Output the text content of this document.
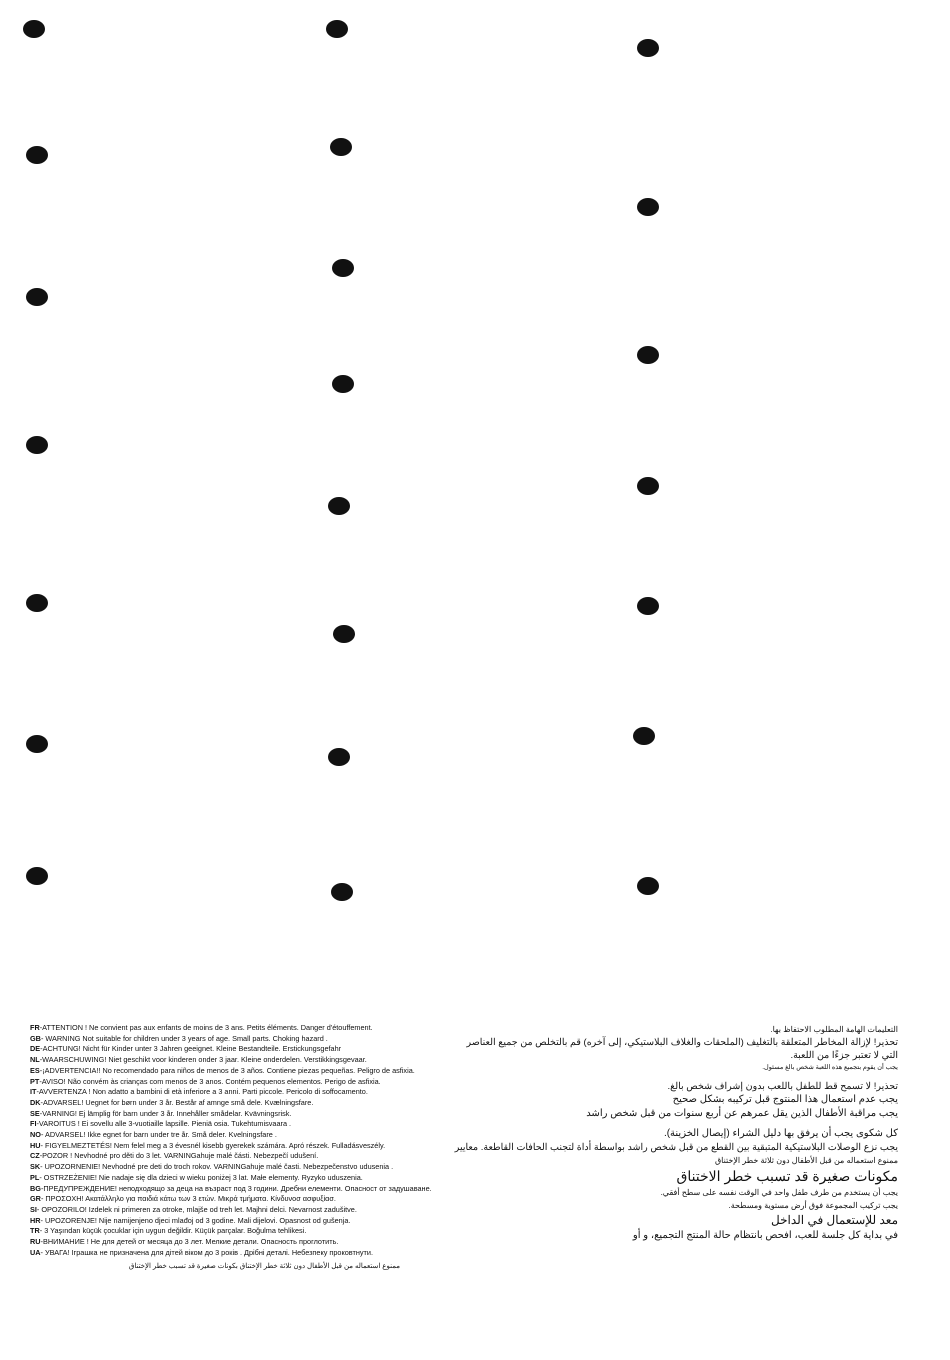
FR-ATTENTION ! Ne convient pas aux enfants de moins de 3 ans. Petits éléments. Danger d'étouffement.
GB- WARNING Not suitable for children under 3 years of age. Small parts. Choking hazard .
DE-ACHTUNG! Nicht für Kinder unter 3 Jahren geeignet. Kleine Bestandteile. Erstickungsgefahr
NL-WAARSCHUWING! Niet geschikt voor kinderen onder 3 jaar. Kleine onderdelen. Verstikkingsgevaar.
ES-¡ADVERTENCIA!! No recomendado para niños de menos de 3 años. Contiene piezas pequeñas. Peligro de asfixia.
PT-AVISO! Não convém às crianças com menos de 3 anos. Contém pequenos elementos. Perigo de asfixia.
IT-AVVERTENZA ! Non adatto a bambini di età inferiore a 3 anni. Parti piccole. Pericolo di soffocamento.
DK-ADVARSEL! Uegnet for børn under 3 år. Består af amnge små dele. Kvælningsfare.
SE-VARNING! Ej lämplig för barn under 3 år. Innehåller smådelar. Kvävningsrisk.
FI-VAROITUS ! Ei sovellu alle 3-vuotiaille lapsille. Pieniä osia. Tukehtumisvaara .
NO- ADVARSEL! Ikke egnet for barn under tre år. Små deler. Kvelningsfare .
HU- FIGYELMEZTETÉS! Nem felel meg a 3 évesnél kisebb gyerekek számára. Apró részek. Fulladásveszély.
CZ-POZOR ! Nevhodné pro děti do 3 let. VARNINGahuje malé části. Nebezpečí udušení.
SK- UPOZORNENIE! Nevhodné pre deti do troch rokov. VARNINGahuje malé časti. Nebezpečenstvo udusenia .
PL- OSTRZEŻENIE! Nie nadaje się dla dzieci w wieku poniżej 3 lat. Małe elementy. Ryzyko uduszenia.
BG-ПРЕДУПРЕЖДЕНИЕ! неподходящо за деца на възраст под 3 години. Дребни елементи. Опасност от задушаване.
GR- ΠΡΟΣΟΧΗ! Ακατάλληλο για παιδιά κάτω των 3 ετών. Μικρά τμήματα. Κίνδυνοσ ασφυξίασ.
SI- OPOZORILO! Izdelek ni primeren za otroke, mlajše od treh let. Majhni delci. Nevarnost zadušitve.
HR- UPOZORENJE! Nije namijenjeno djeci mlađoj od 3 godine. Mali dijelovi. Opasnost od gušenja.
TR- 3 Yaşından küçük çocuklar için uygun değildir. Küçük parçalar. Boğulma tehlikesi.
RU-ВНИМАНИЕ ! Не для детей от месяца до 3 лет. Мелкие детали. Опасность проглотить.
UA- УВАГА! Іграшка не призначена для дітей віком до 3 років . Дрібні деталі. Небезпеку проковтнути.
ممنوع استعماله من قبل الأطفال دون ثلاثة خطر الإختناق بكونات صغيرة قد تسبب خطر الإختناق
التعليمات الهامة المطلوب الاحتفاظ بها.
تحذير! لإزالة المخاطر المتعلقة بالتغليف (الملحقات والغلاف البلاستيكي، إلى آخره) قم بالتخلص من جميع العناصر
التي لا تعتبر جزءًا من اللعبة.
يجب أن يقوم بتجميع هذه اللعبة شخص بالغ مسئول.
تحذير! لا تسمح قط للطفل باللعب بدون إشراف شخص بالغ.
يجب عدم استعمال هذا المنتوج قبل تركيبه بشكل صحيح
يجب مراقبة الأطفال الذين يقل عمرهم عن أربع سنوات من قبل شخص راشد
كل شكوى يجب أن يرفق بها دليل الشراء (إيصال الخزينة).
يجب نزع الوصلات البلاستيكية المتبقية بين القطع من قبل شخص راشد بواسطة أداة لتجنب الحافات القاطعة. معايير
ممنوع استعماله من قبل الأطفال دون ثلاثة خطر الإختناق
مكونات صغيرة قد تسبب خطر الاختناق
يجب أن يستخدم من طرف طفل واحد في الوقت نفسه على سطح أفقي.
يجب تركيب المجموعة فوق أرض مستوية ومسطحة.
معد للإستعمال في الداخل
في بداية كل جلسة للعب، افحص بانتظام حالة المنتج التجميع، و أو
